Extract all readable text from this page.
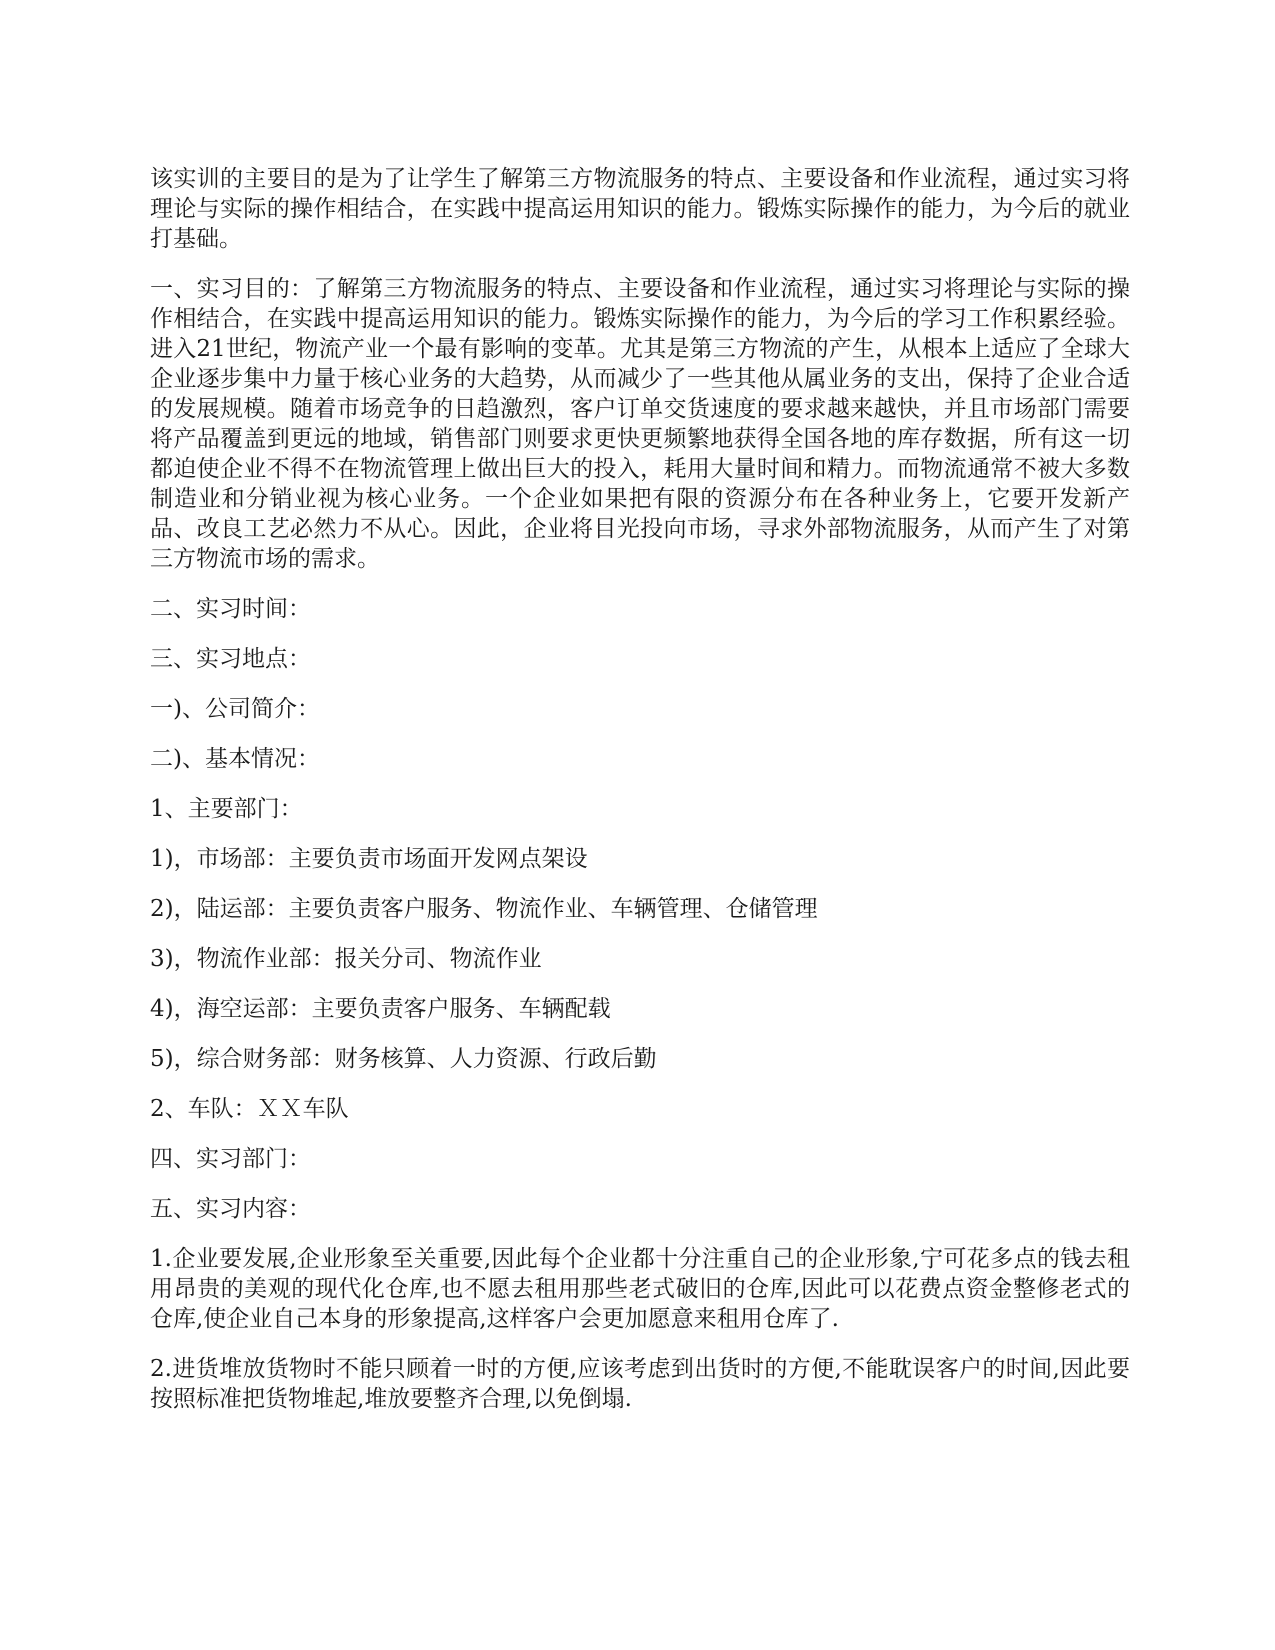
该实训的主要目的是为了让学生了解第三方物流服务的特点、主要设备和作业流程，通过实习将理论与实际的操作相结合，在实践中提高运用知识的能力。锻炼实际操作的能力，为今后的就业打基础。

一、实习目的：了解第三方物流服务的特点、主要设备和作业流程，通过实习将理论与实际的操作相结合，在实践中提高运用知识的能力。锻炼实际操作的能力，为今后的学习工作积累经验。进入21世纪，物流产业一个最有影响的变革。尤其是第三方物流的产生，从根本上适应了全球大企业逐步集中力量于核心业务的大趋势，从而减少了一些其他从属业务的支出，保持了企业合适的发展规模。随着市场竞争的日趋激烈，客户订单交货速度的要求越来越快，并且市场部门需要将产品覆盖到更远的地域，销售部门则要求更快更频繁地获得全国各地的库存数据，所有这一切都迫使企业不得不在物流管理上做出巨大的投入，耗用大量时间和精力。而物流通常不被大多数制造业和分销业视为核心业务。一个企业如果把有限的资源分布在各种业务上，它要开发新产品、改良工艺必然力不从心。因此，企业将目光投向市场，寻求外部物流服务，从而产生了对第三方物流市场的需求。

二、实习时间：

三、实习地点：

一)、公司简介：

二)、基本情况：

1、主要部门：

1)，市场部：主要负责市场面开发网点架设

2)，陆运部：主要负责客户服务、物流作业、车辆管理、仓储管理

3)，物流作业部：报关分司、物流作业

4)，海空运部：主要负责客户服务、车辆配载

5)，综合财务部：财务核算、人力资源、行政后勤

2、车队：ＸＸ车队

四、实习部门：

五、实习内容：

1.企业要发展,企业形象至关重要,因此每个企业都十分注重自己的企业形象,宁可花多点的钱去租用昂贵的美观的现代化仓库,也不愿去租用那些老式破旧的仓库,因此可以花费点资金整修老式的仓库,使企业自己本身的形象提高,这样客户会更加愿意来租用仓库了.

2.进货堆放货物时不能只顾着一时的方便,应该考虑到出货时的方便,不能耽误客户的时间,因此要按照标准把货物堆起,堆放要整齐合理,以免倒塌.
